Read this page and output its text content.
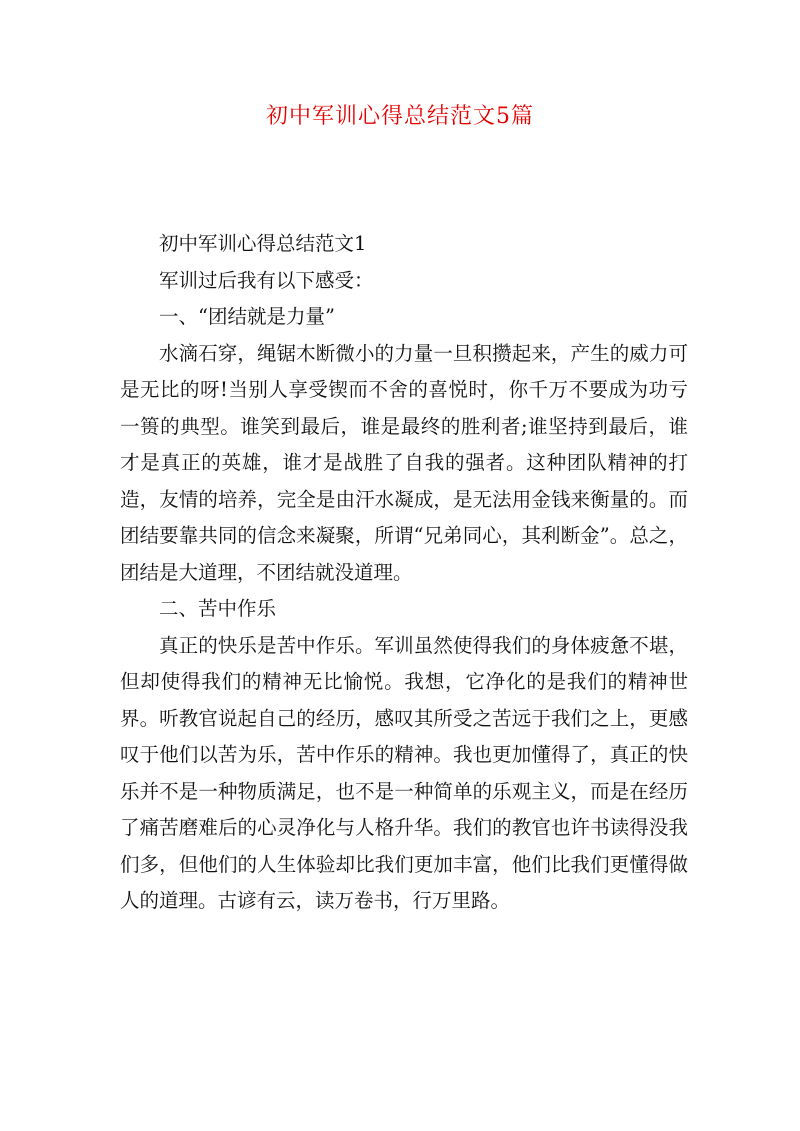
初中军训心得总结范文5篇

初中军训心得总结范文1

军训过后我有以下感受：

一、“团结就是力量”

水滴石穿，绳锯木断微小的力量一旦积攒起来，产生的威力可是无比的呀!当别人享受锲而不舍的喜悦时，你千万不要成为功亏一篑的典型。谁笑到最后，谁是最终的胜利者;谁坚持到最后，谁才是真正的英雄，谁才是战胜了自我的强者。这种团队精神的打造，友情的培养，完全是由汗水凝成，是无法用金钱来衡量的。而团结要靠共同的信念来凝聚，所谓“兄弟同心，其利断金”。总之，团结是大道理，不团结就没道理。

二、苦中作乐

真正的快乐是苦中作乐。军训虽然使得我们的身体疲惫不堪，但却使得我们的精神无比愉悦。我想，它净化的是我们的精神世界。听教官说起自己的经历，感叹其所受之苦远于我们之上，更感叹于他们以苦为乐，苦中作乐的精神。我也更加懂得了，真正的快乐并不是一种物质满足，也不是一种简单的乐观主义，而是在经历了痛苦磨难后的心灵净化与人格升华。我们的教官也许书读得没我们多，但他们的人生体验却比我们更加丰富，他们比我们更懂得做人的道理。古谚有云，读万卷书，行万里路。
